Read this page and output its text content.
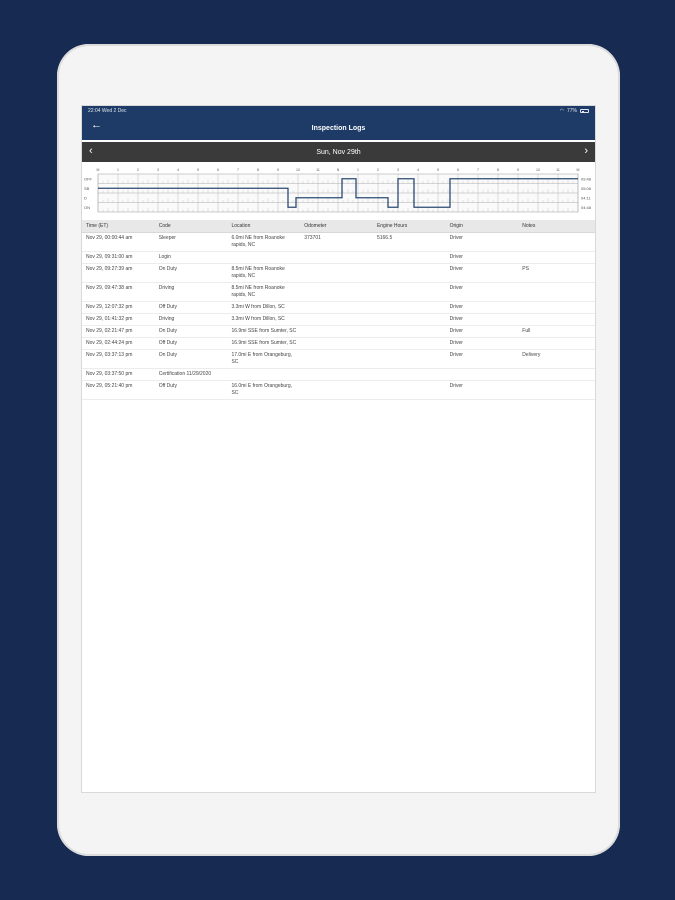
22:04 Wed 2 Dec	◠ 77%
←	Inspection Logs
‹	Sun, Nov 29th	›
M	1	2	3	4	5	6	7	8	9	10	11	N	1	2	3	4	5	6	7	8	9	10	11	M
OFF	09:48
SB	05:08
D	04:11
ON	04:48
Time (ET)	Code	Location	Odometer	Engine Hours	Origin	Notes
Nov 29, 00:00:44 am	Sleeper	6.0mi NE from Roanoke rapids, NC	373701	5166.5	Driver	
Nov 29, 09:31:00 am	Login				Driver	
Nov 29, 09:27:39 am	On Duty	8.5mi NE from Roanoke rapids, NC			Driver	PS
Nov 29, 09:47:38 am	Driving	8.5mi NE from Roanoke rapids, NC			Driver	
Nov 29, 12:07:32 pm	Off Duty	3.3mi W from Dillon, SC			Driver	
Nov 29, 01:41:32 pm	Driving	3.3mi W from Dillon, SC			Driver	
Nov 29, 02:21:47 pm	On Duty	16.9mi SSE from Sumter, SC			Driver	Full
Nov 29, 02:44:24 pm	Off Duty	16.9mi SSE from Sumter, SC			Driver	
Nov 29, 03:37:13 pm	On Duty	17.0mi E from Orangeburg, SC			Driver	Delivery
Nov 29, 03:37:50 pm	Certification 11/29/2020					
Nov 29, 05:21:40 pm	Off Duty	16.0mi E from Orangeburg, SC			Driver	
